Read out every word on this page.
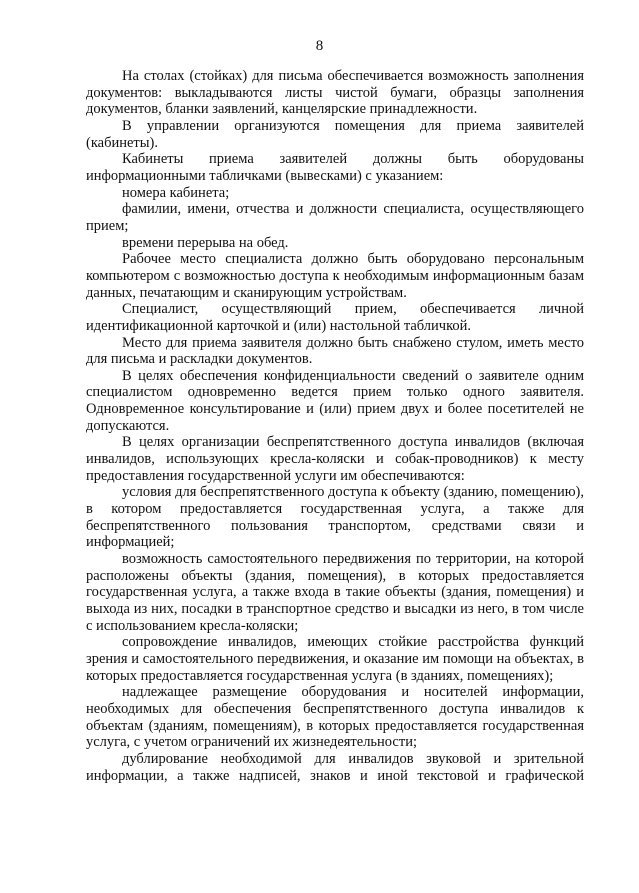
8

На столах (стойках) для письма обеспечивается возможность заполнения документов: выкладываются листы чистой бумаги, образцы заполнения документов, бланки заявлений, канцелярские принадлежности.

В управлении организуются помещения для приема заявителей (кабинеты).

Кабинеты приема заявителей должны быть оборудованы информационными табличками (вывесками) с указанием:

номера кабинета;

фамилии, имени, отчества и должности специалиста, осуществляющего прием;

времени перерыва на обед.

Рабочее место специалиста должно быть оборудовано персональным компьютером с возможностью доступа к необходимым информационным базам данных, печатающим и сканирующим устройствам.

Специалист, осуществляющий прием, обеспечивается личной идентификационной карточкой и (или) настольной табличкой.

Место для приема заявителя должно быть снабжено стулом, иметь место для письма и раскладки документов.

В целях обеспечения конфиденциальности сведений о заявителе одним специалистом одновременно ведется прием только одного заявителя. Одновременное консультирование и (или) прием двух и более посетителей не допускаются.

В целях организации беспрепятственного доступа инвалидов (включая инвалидов, использующих кресла-коляски и собак-проводников) к месту предоставления государственной услуги им обеспечиваются:

условия для беспрепятственного доступа к объекту (зданию, помещению), в котором предоставляется государственная услуга, а также для беспрепятственного пользования транспортом, средствами связи и информацией;

возможность самостоятельного передвижения по территории, на которой расположены объекты (здания, помещения), в которых предоставляется государственная услуга, а также входа в такие объекты (здания, помещения) и выхода из них, посадки в транспортное средство и высадки из него, в том числе с использованием кресла-коляски;

сопровождение инвалидов, имеющих стойкие расстройства функций зрения и самостоятельного передвижения, и оказание им помощи на объектах, в которых предоставляется государственная услуга (в зданиях, помещениях);

надлежащее размещение оборудования и носителей информации, необходимых для обеспечения беспрепятственного доступа инвалидов к объектам (зданиям, помещениям), в которых предоставляется государственная услуга, с учетом ограничений их жизнедеятельности;

дублирование необходимой для инвалидов звуковой и зрительной информации, а также надписей, знаков и иной текстовой и графической
